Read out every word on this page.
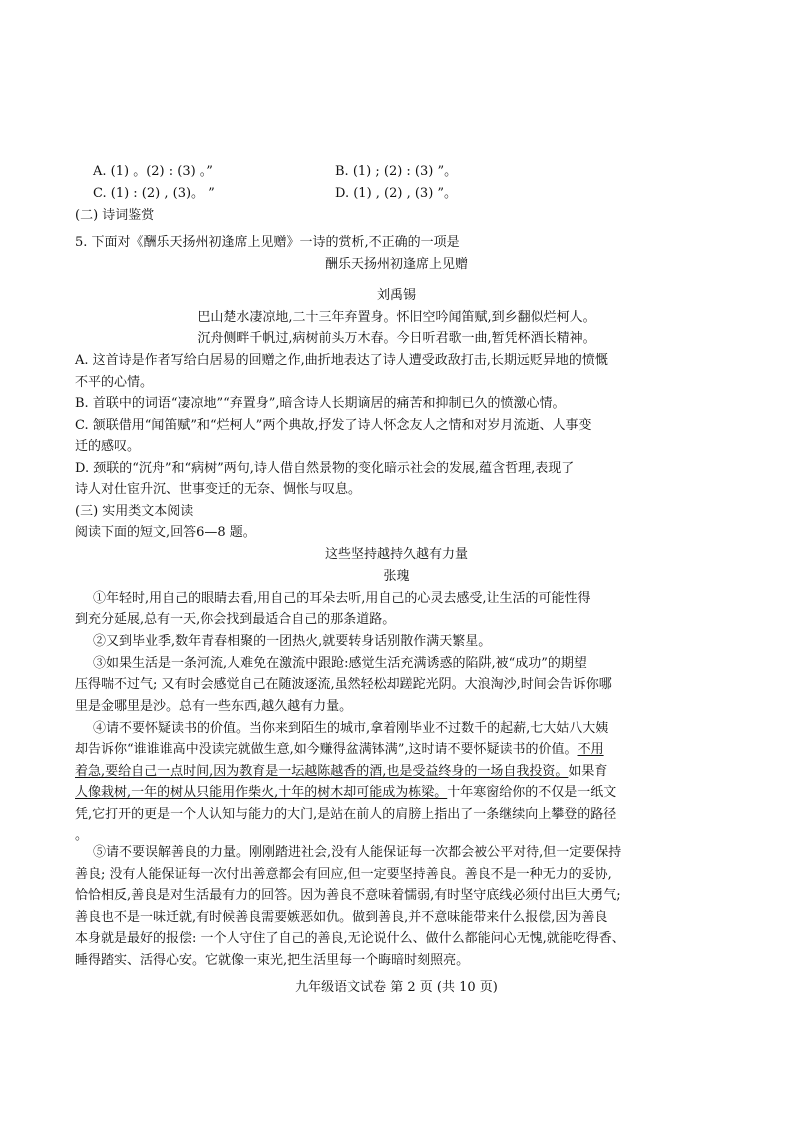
A. (1) 。(2) : (3) 。”	B. (1) ; (2) : (3) ”。
C. (1) : (2) , (3)。 ”	D. (1) , (2) , (3) ”。
(二) 诗词鉴赏
5. 下面对《酬乐天扬州初逢席上见赠》一诗的赏析,不正确的一项是
酬乐天扬州初逢席上见赠
刘禹锡
巴山楚水凄凉地,二十三年弃置身。怀旧空吟闻笛赋,到乡翻似烂柯人。
沉舟侧畔千帆过,病树前头万木春。今日听君歌一曲,暂凭杯酒长精神。
A. 这首诗是作者写给白居易的回赠之作,曲折地表达了诗人遭受政敌打击,长期远贬异地的愤慨
不平的心情。
B. 首联中的词语“凄凉地”“弃置身”,暗含诗人长期谪居的痛苦和抑制已久的愤激心情。
C. 颔联借用“闻笛赋”和“烂柯人”两个典故,抒发了诗人怀念友人之情和对岁月流逝、人事变
迁的感叹。
D. 颈联的“沉舟”和“病树”两句,诗人借自然景物的变化暗示社会的发展,蕴含哲理,表现了
诗人对仕宦升沉、世事变迁的无奈、惆怅与叹息。
(三) 实用类文本阅读
阅读下面的短文,回答6—8 题。
这些坚持越持久越有力量
张瑰
①年轻时,用自己的眼睛去看,用自己的耳朵去听,用自己的心灵去感受,让生活的可能性得
到充分延展,总有一天,你会找到最适合自己的那条道路。
②又到毕业季,数年青春相聚的一团热火,就要转身话别散作满天繁星。
③如果生活是一条河流,人难免在激流中跟跄:感觉生活充满诱惑的陷阱,被“成功”的期望
压得喘不过气; 又有时会感觉自己在随波逐流,虽然轻松却蹉跎光阴。大浪淘沙,时间会告诉你哪
里是金哪里是沙。总有一些东西,越久越有力量。
④请不要怀疑读书的价值。当你来到陌生的城市,拿着刚毕业不过数千的起薪,七大姑八大姨
却告诉你“谁谁谁高中没读完就做生意,如今赚得盆满钵满”,这时请不要怀疑读书的价值。不用
着急,要给自己一点时间,因为教育是一坛越陈越香的酒,也是受益终身的一场自我投资。如果育
人像栽树,一年的树从只能用作柴火,十年的树木却可能成为栋梁。十年寒窗给你的不仅是一纸文
凭,它打开的更是一个人认知与能力的大门,是站在前人的肩膀上指出了一条继续向上攀登的路径
。
⑤请不要误解善良的力量。刚刚踏进社会,没有人能保证每一次都会被公平对待,但一定要保持
善良; 没有人能保证每一次付出善意都会有回应,但一定要坚持善良。善良不是一种无力的妥协,
恰恰相反,善良是对生活最有力的回答。因为善良不意味着懦弱,有时坚守底线必须付出巨大勇气;
善良也不是一味迁就,有时候善良需要嫉恶如仇。做到善良,并不意味能带来什么报偿,因为善良
本身就是最好的报偿: 一个人守住了自己的善良,无论说什么、做什么都能问心无愧,就能吃得香、
睡得踏实、活得心安。它就像一束光,把生活里每一个晦暗时刻照亮。
九年级语文试卷 第 2 页 (共 10 页)
